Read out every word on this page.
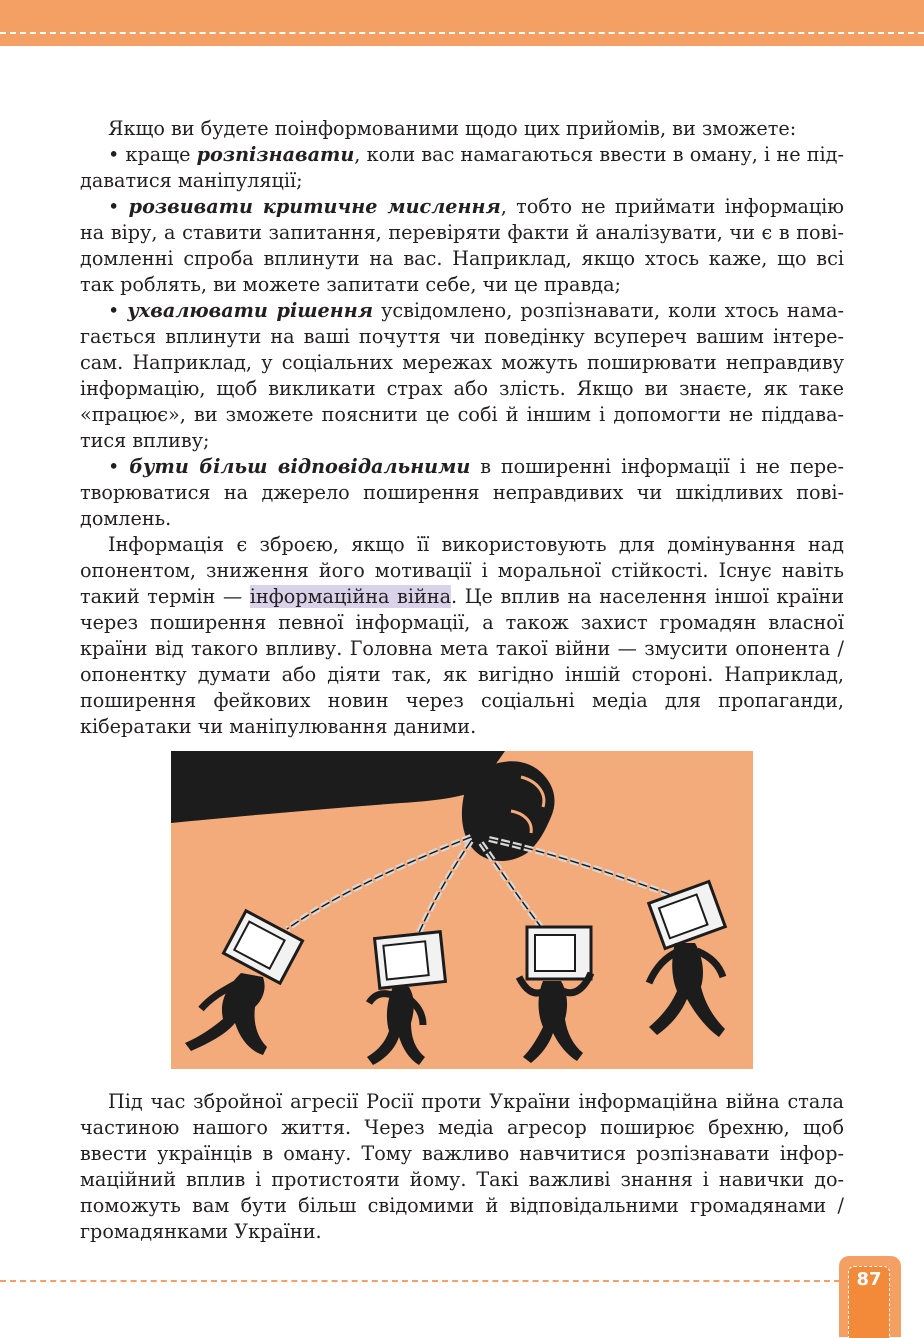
Якщо ви будете поінформованими щодо цих прийомів, ви зможете:

• краще розпізнавати, коли вас намагаються ввести в оману, і не піддаватися маніпуляції;

• розвивати критичне мислення, тобто не приймати інформацію на віру, а ставити запитання, перевіряти факти й аналізувати, чи є в повідомленні спроба вплинути на вас. Наприклад, якщо хтось каже, що всі так роблять, ви можете запитати себе, чи це правда;

• ухвалювати рішення усвідомлено, розпізнавати, коли хтось намагається вплинути на ваші почуття чи поведінку всупереч вашим інтересам. Наприклад, у соціальних мережах можуть поширювати неправдиву інформацію, щоб викликати страх або злість. Якщо ви знаєте, як таке «працює», ви зможете пояснити це собі й іншим і допомогти не піддаватися впливу;

• бути більш відповідальними в поширенні інформації і не перетворюватися на джерело поширення неправдивих чи шкідливих повідомлень.

Інформація є зброєю, якщо її використовують для домінування над опонентом, зниження його мотивації і моральної стійкості. Існує навіть такий термін — інформаційна війна. Це вплив на населення іншої країни через поширення певної інформації, а також захист громадян власної країни від такого впливу. Головна мета такої війни — змусити опонента / опонентку думати або діяти так, як вигідно іншій стороні. Наприклад, поширення фейкових новин через соціальні медіа для пропаганди, кібератаки чи маніпулювання даними.

Під час збройної агресії Росії проти України інформаційна війна стала частиною нашого життя. Через медіа агресор поширює брехню, щоб ввести українців в оману. Тому важливо навчитися розпізнавати інформаційний вплив і протистояти йому. Такі важливі знання і навички допоможуть вам бути більш свідомими й відповідальними громадянами / громадянками України.

87
